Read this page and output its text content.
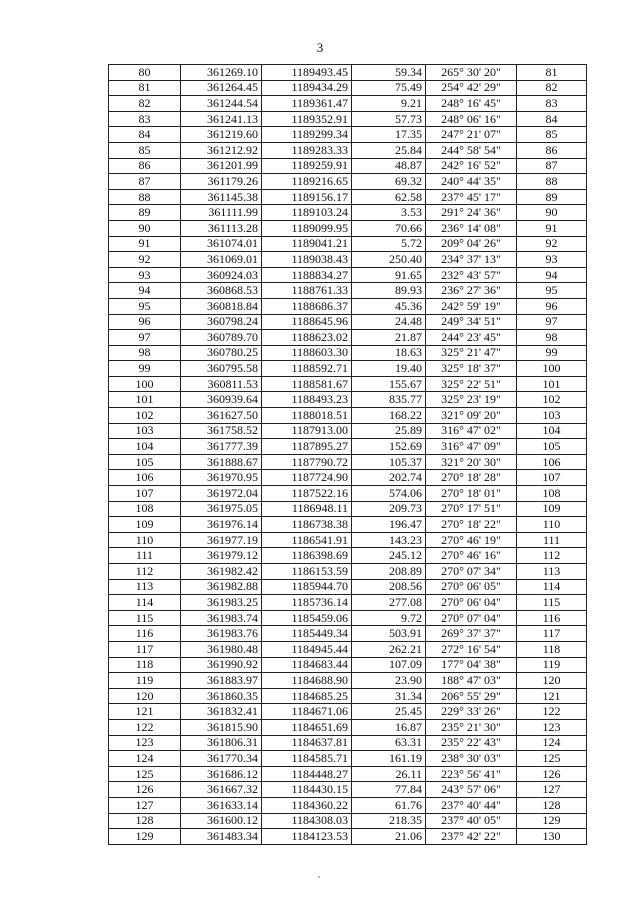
3
80	361269.10	1189493.45	59.34	265° 30' 20"	81
81	361264.45	1189434.29	75.49	254° 42' 29"	82
82	361244.54	1189361.47	9.21	248° 16' 45"	83
83	361241.13	1189352.91	57.73	248° 06' 16"	84
84	361219.60	1189299.34	17.35	247° 21' 07"	85
85	361212.92	1189283.33	25.84	244° 58' 54"	86
86	361201.99	1189259.91	48.87	242° 16' 52"	87
87	361179.26	1189216.65	69.32	240° 44' 35"	88
88	361145.38	1189156.17	62.58	237° 45' 17"	89
89	361111.99	1189103.24	3.53	291° 24' 36"	90
90	361113.28	1189099.95	70.66	236° 14' 08"	91
91	361074.01	1189041.21	5.72	209° 04' 26"	92
92	361069.01	1189038.43	250.40	234° 37' 13"	93
93	360924.03	1188834.27	91.65	232° 43' 57"	94
94	360868.53	1188761.33	89.93	236° 27' 36"	95
95	360818.84	1188686.37	45.36	242° 59' 19"	96
96	360798.24	1188645.96	24.48	249° 34' 51"	97
97	360789.70	1188623.02	21.87	244° 23' 45"	98
98	360780.25	1188603.30	18.63	325° 21' 47"	99
99	360795.58	1188592.71	19.40	325° 18' 37"	100
100	360811.53	1188581.67	155.67	325° 22' 51"	101
101	360939.64	1188493.23	835.77	325° 23' 19"	102
102	361627.50	1188018.51	168.22	321° 09' 20"	103
103	361758.52	1187913.00	25.89	316° 47' 02"	104
104	361777.39	1187895.27	152.69	316° 47' 09"	105
105	361888.67	1187790.72	105.37	321° 20' 30"	106
106	361970.95	1187724.90	202.74	270° 18' 28"	107
107	361972.04	1187522.16	574.06	270° 18' 01"	108
108	361975.05	1186948.11	209.73	270° 17' 51"	109
109	361976.14	1186738.38	196.47	270° 18' 22"	110
110	361977.19	1186541.91	143.23	270° 46' 19"	111
111	361979.12	1186398.69	245.12	270° 46' 16"	112
112	361982.42	1186153.59	208.89	270° 07' 34"	113
113	361982.88	1185944.70	208.56	270° 06' 05"	114
114	361983.25	1185736.14	277.08	270° 06' 04"	115
115	361983.74	1185459.06	9.72	270° 07' 04"	116
116	361983.76	1185449.34	503.91	269° 37' 37"	117
117	361980.48	1184945.44	262.21	272° 16' 54"	118
118	361990.92	1184683.44	107.09	177° 04' 38"	119
119	361883.97	1184688.90	23.90	188° 47' 03"	120
120	361860.35	1184685.25	31.34	206° 55' 29"	121
121	361832.41	1184671.06	25.45	229° 33' 26"	122
122	361815.90	1184651.69	16.87	235° 21' 30"	123
123	361806.31	1184637.81	63.31	235° 22' 43"	124
124	361770.34	1184585.71	161.19	238° 30' 03"	125
125	361686.12	1184448.27	26.11	223° 56' 41"	126
126	361667.32	1184430.15	77.84	243° 57' 06"	127
127	361633.14	1184360.22	61.76	237° 40' 44"	128
128	361600.12	1184308.03	218.35	237° 40' 05"	129
129	361483.34	1184123.53	21.06	237° 42' 22"	130
